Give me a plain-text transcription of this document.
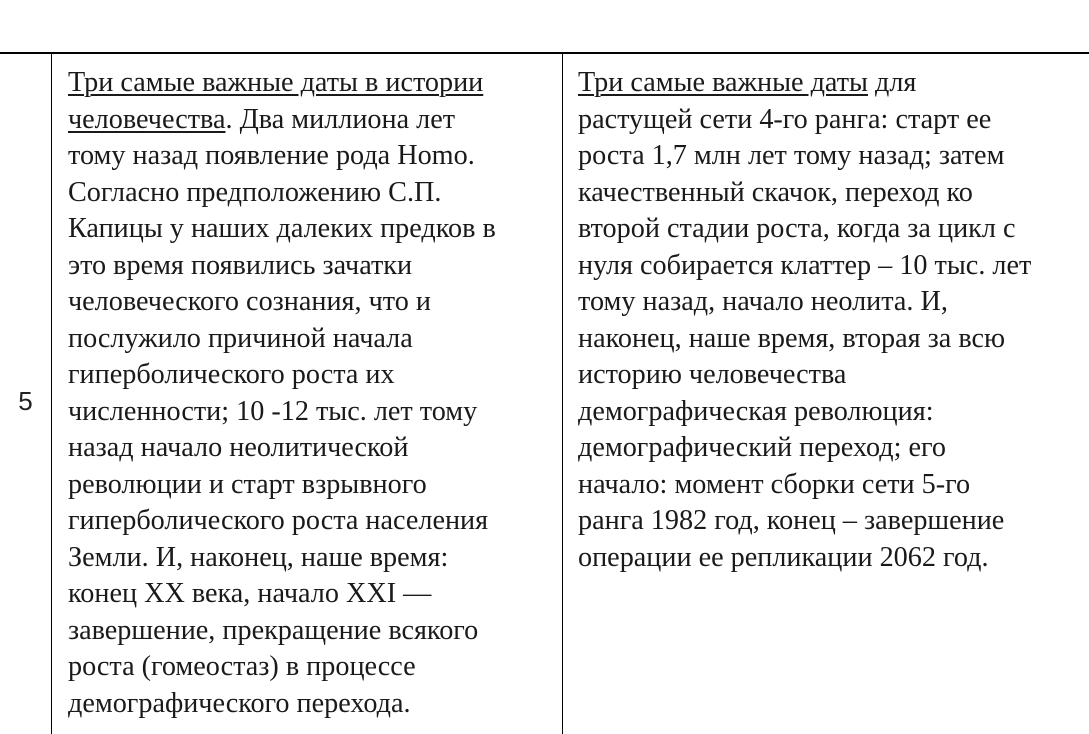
5
Три самые важные даты в истории
человечества. Два миллиона лет
тому назад появление рода Homo.
Согласно предположению С.П.
Капицы у наших далеких предков в
это время появились зачатки
человеческого сознания, что и
послужило причиной начала
гиперболического роста их
численности; 10 -12 тыс. лет тому
назад начало неолитической
революции и старт взрывного
гиперболического роста населения
Земли. И, наконец, наше время:
конец XX века, начало XXI —
завершение, прекращение всякого
роста (гомеостаз) в процессе
демографического перехода.
Три самые важные даты для
растущей сети 4-го ранга: старт ее
роста 1,7 млн лет тому назад; затем
качественный скачок, переход ко
второй стадии роста, когда за цикл с
нуля собирается клаттер – 10 тыс. лет
тому назад, начало неолита. И,
наконец, наше время, вторая за всю
историю человечества
демографическая революция:
демографический переход; его
начало: момент сборки сети 5-го
ранга 1982 год, конец – завершение
операции ее репликации 2062 год.
